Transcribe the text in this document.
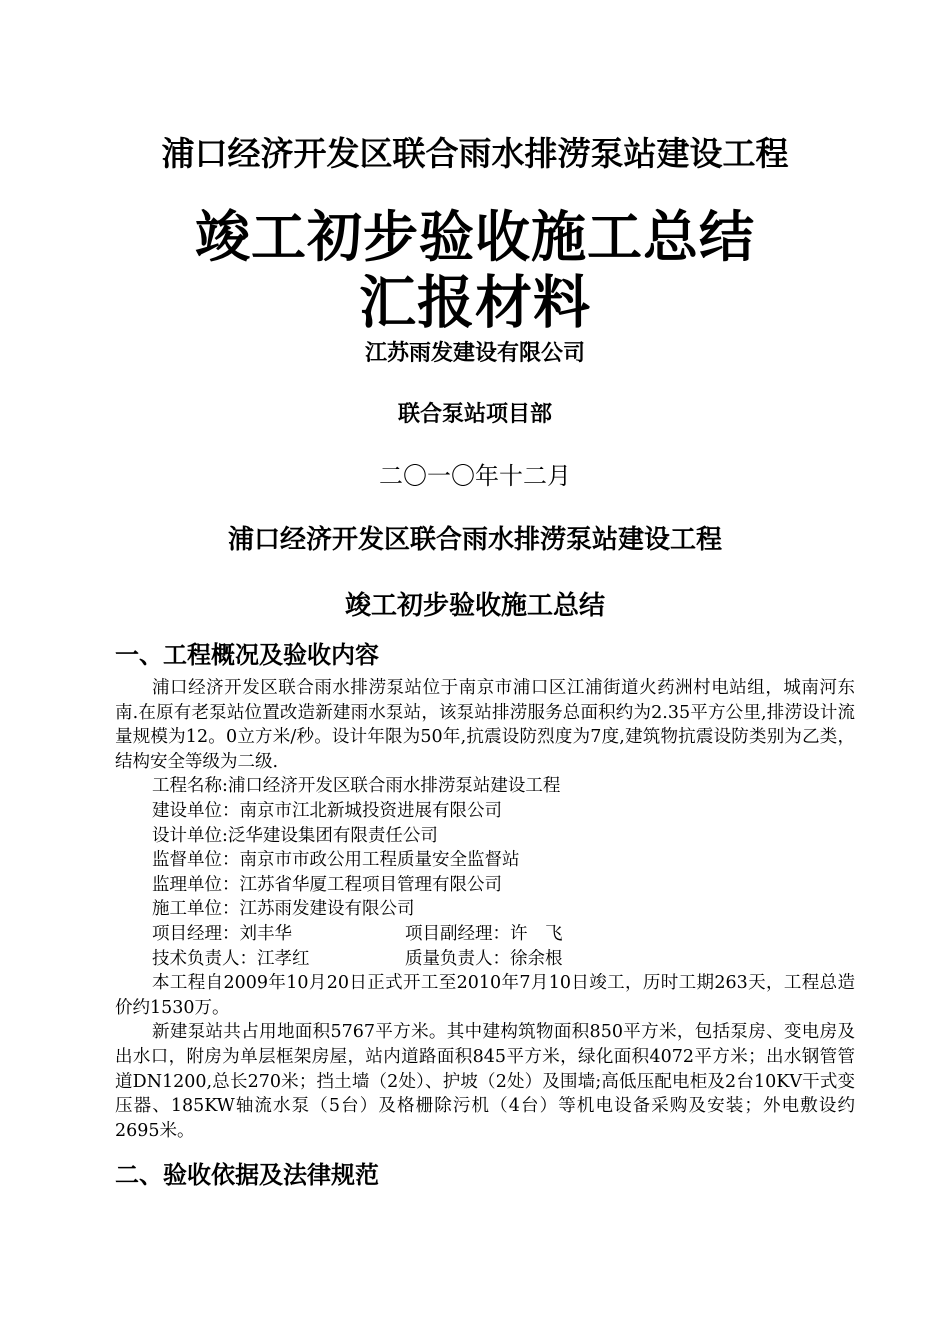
浦口经济开发区联合雨水排涝泵站建设工程
竣工初步验收施工总结
汇报材料
江苏雨发建设有限公司
联合泵站项目部
二〇一〇年十二月
浦口经济开发区联合雨水排涝泵站建设工程
竣工初步验收施工总结
一、工程概况及验收内容

浦口经济开发区联合雨水排涝泵站位于南京市浦口区江浦街道火药洲村电站组，城南河东南.在原有老泵站位置改造新建雨水泵站，该泵站排涝服务总面积约为2.35平方公里,排涝设计流量规模为12。0立方米/秒。设计年限为50年,抗震设防烈度为7度,建筑物抗震设防类别为乙类，结构安全等级为二级.

工程名称:浦口经济开发区联合雨水排涝泵站建设工程

建设单位：南京市江北新城投资进展有限公司

设计单位:泛华建设集团有限责任公司

监督单位：南京市市政公用工程质量安全监督站

监理单位：江苏省华厦工程项目管理有限公司

施工单位：江苏雨发建设有限公司

项目经理：刘丰华	项目副经理：许　飞
技术负责人：江孝红	质量负责人：徐余根

本工程自2009年10月20日正式开工至2010年7月10日竣工，历时工期263天，工程总造价约1530万。

新建泵站共占用地面积5767平方米。其中建构筑物面积850平方米，包括泵房、变电房及出水口，附房为单层框架房屋，站内道路面积845平方米，绿化面积4072平方米；出水钢管管道DN1200,总长270米；挡土墙（2处）、护坡（2处）及围墙;高低压配电柜及2台10KV干式变压器、185KW轴流水泵（5台）及格栅除污机（4台）等机电设备采购及安装；外电敷设约2695米。

二、验收依据及法律规范
